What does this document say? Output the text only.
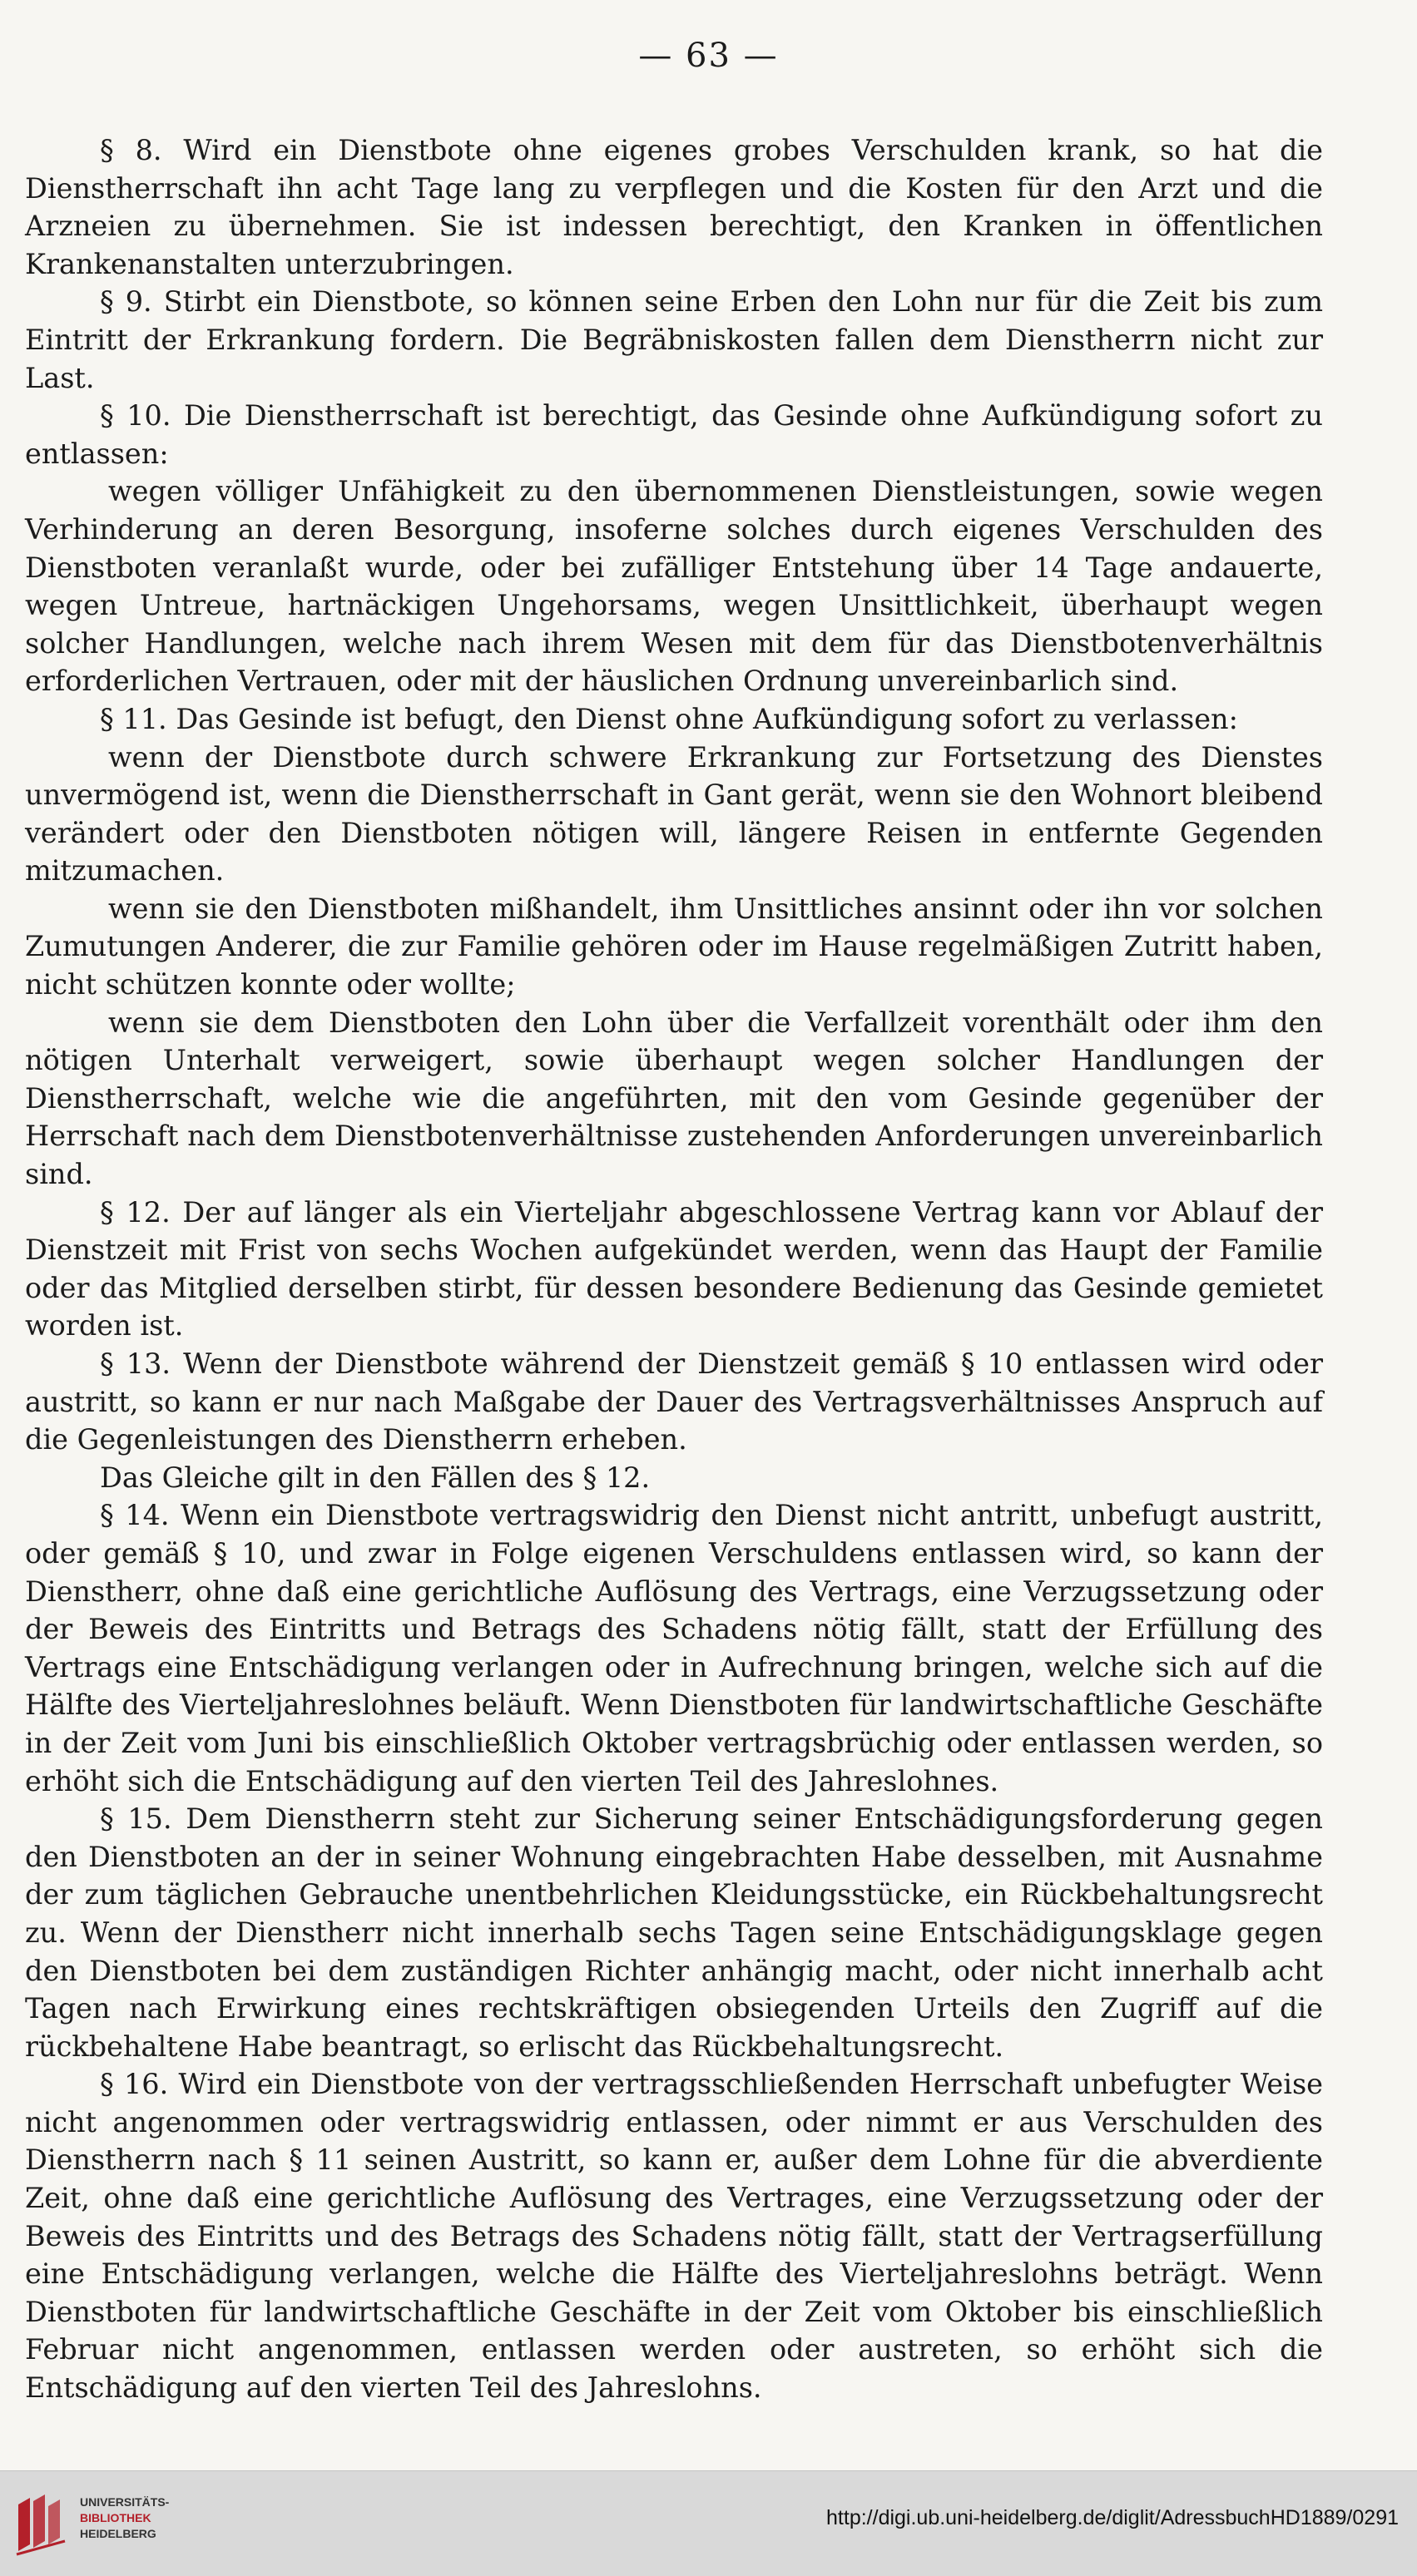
— 63 —

§ 8. Wird ein Dienstbote ohne eigenes grobes Verschulden krank, so hat die Dienstherrschaft ihn acht Tage lang zu verpflegen und die Kosten für den Arzt und die Arzneien zu übernehmen. Sie ist indessen berechtigt, den Kranken in öffentlichen Krankenanstalten unterzubringen.

§ 9. Stirbt ein Dienstbote, so können seine Erben den Lohn nur für die Zeit bis zum Eintritt der Erkrankung fordern. Die Begräbniskosten fallen dem Dienstherrn nicht zur Last.

§ 10. Die Dienstherrschaft ist berechtigt, das Gesinde ohne Aufkündigung sofort zu entlassen:

wegen völliger Unfähigkeit zu den übernommenen Dienstleistungen, sowie wegen Verhinderung an deren Besorgung, insoferne solches durch eigenes Verschulden des Dienstboten veranlaßt wurde, oder bei zufälliger Entstehung über 14 Tage andauerte, wegen Untreue, hartnäckigen Ungehorsams, wegen Unsittlichkeit, überhaupt wegen solcher Handlungen, welche nach ihrem Wesen mit dem für das Dienstbotenverhältnis erforderlichen Vertrauen, oder mit der häuslichen Ordnung unvereinbarlich sind.

§ 11. Das Gesinde ist befugt, den Dienst ohne Aufkündigung sofort zu verlassen:

wenn der Dienstbote durch schwere Erkrankung zur Fortsetzung des Dienstes unvermögend ist, wenn die Dienstherrschaft in Gant gerät, wenn sie den Wohnort bleibend verändert oder den Dienstboten nötigen will, längere Reisen in entfernte Gegenden mitzumachen.

wenn sie den Dienstboten mißhandelt, ihm Unsittliches ansinnt oder ihn vor solchen Zumutungen Anderer, die zur Familie gehören oder im Hause regelmäßigen Zutritt haben, nicht schützen konnte oder wollte;

wenn sie dem Dienstboten den Lohn über die Verfallzeit vorenthält oder ihm den nötigen Unterhalt verweigert, sowie überhaupt wegen solcher Handlungen der Dienstherrschaft, welche wie die angeführten, mit den vom Gesinde gegenüber der Herrschaft nach dem Dienstbotenverhältnisse zustehenden Anforderungen unvereinbarlich sind.

§ 12. Der auf länger als ein Vierteljahr abgeschlossene Vertrag kann vor Ablauf der Dienstzeit mit Frist von sechs Wochen aufgekündet werden, wenn das Haupt der Familie oder das Mitglied derselben stirbt, für dessen besondere Bedienung das Gesinde gemietet worden ist.

§ 13. Wenn der Dienstbote während der Dienstzeit gemäß § 10 entlassen wird oder austritt, so kann er nur nach Maßgabe der Dauer des Vertragsverhältnisses Anspruch auf die Gegenleistungen des Dienstherrn erheben.

Das Gleiche gilt in den Fällen des § 12.

§ 14. Wenn ein Dienstbote vertragswidrig den Dienst nicht antritt, unbefugt austritt, oder gemäß § 10, und zwar in Folge eigenen Verschuldens entlassen wird, so kann der Dienstherr, ohne daß eine gerichtliche Auflösung des Vertrags, eine Verzugssetzung oder der Beweis des Eintritts und Betrags des Schadens nötig fällt, statt der Erfüllung des Vertrags eine Entschädigung verlangen oder in Aufrechnung bringen, welche sich auf die Hälfte des Vierteljahreslohnes beläuft. Wenn Dienstboten für landwirtschaftliche Geschäfte in der Zeit vom Juni bis einschließlich Oktober vertragsbrüchig oder entlassen werden, so erhöht sich die Entschädigung auf den vierten Teil des Jahreslohnes.

§ 15. Dem Dienstherrn steht zur Sicherung seiner Entschädigungsforderung gegen den Dienstboten an der in seiner Wohnung eingebrachten Habe desselben, mit Ausnahme der zum täglichen Gebrauche unentbehrlichen Kleidungsstücke, ein Rückbehaltungsrecht zu. Wenn der Dienstherr nicht innerhalb sechs Tagen seine Entschädigungsklage gegen den Dienstboten bei dem zuständigen Richter anhängig macht, oder nicht innerhalb acht Tagen nach Erwirkung eines rechtskräftigen obsiegenden Urteils den Zugriff auf die rückbehaltene Habe beantragt, so erlischt das Rückbehaltungsrecht.

§ 16. Wird ein Dienstbote von der vertragsschließenden Herrschaft unbefugter Weise nicht angenommen oder vertragswidrig entlassen, oder nimmt er aus Verschulden des Dienstherrn nach § 11 seinen Austritt, so kann er, außer dem Lohne für die abverdiente Zeit, ohne daß eine gerichtliche Auflösung des Vertrages, eine Verzugssetzung oder der Beweis des Eintritts und des Betrags des Schadens nötig fällt, statt der Vertragserfüllung eine Entschädigung verlangen, welche die Hälfte des Vierteljahreslohns beträgt. Wenn Dienstboten für landwirtschaftliche Geschäfte in der Zeit vom Oktober bis einschließlich Februar nicht angenommen, entlassen werden oder austreten, so erhöht sich die Entschädigung auf den vierten Teil des Jahreslohns.

UNIVERSITÄTS-
BIBLIOTHEK
HEIDELBERG
http://digi.ub.uni-heidelberg.de/diglit/AdressbuchHD1889/0291
